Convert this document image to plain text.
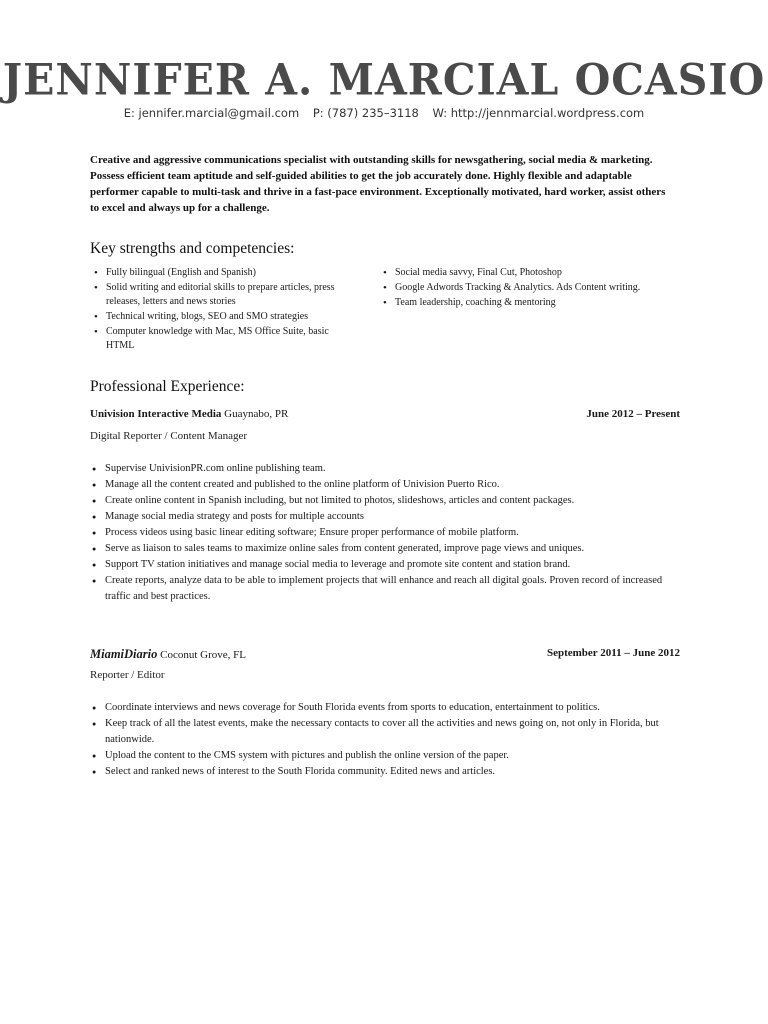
JENNIFER A. MARCIAL OCASIO
E: jennifer.marcial@gmail.com P: (787) 235–3118 W: http://jennmarcial.wordpress.com
Creative and aggressive communications specialist with outstanding skills for newsgathering, social media & marketing. Possess efficient team aptitude and self-guided abilities to get the job accurately done. Highly flexible and adaptable performer capable to multi-task and thrive in a fast-pace environment. Exceptionally motivated, hard worker, assist others to excel and always up for a challenge.
Key strengths and competencies:
• Fully bilingual (English and Spanish)
• Solid writing and editorial skills to prepare articles, press releases, letters and news stories
• Technical writing, blogs, SEO and SMO strategies
• Computer knowledge with Mac, MS Office Suite, basic HTML
• Social media savvy, Final Cut, Photoshop
• Google Adwords Tracking & Analytics. Ads Content writing.
• Team leadership, coaching & mentoring
Professional Experience:
Univision Interactive Media Guaynabo, PR	June 2012 – Present
Digital Reporter / Content Manager
● Supervise UnivisionPR.com online publishing team.
● Manage all the content created and published to the online platform of Univision Puerto Rico.
● Create online content in Spanish including, but not limited to photos, slideshows, articles and content packages.
● Manage social media strategy and posts for multiple accounts
● Process videos using basic linear editing software; Ensure proper performance of mobile platform.
● Serve as liaison to sales teams to maximize online sales from content generated, improve page views and uniques.
● Support TV station initiatives and manage social media to leverage and promote site content and station brand.
● Create reports, analyze data to be able to implement projects that will enhance and reach all digital goals. Proven record of increased traffic and best practices.
MiamiDiario Coconut Grove, FL	September 2011 – June 2012
Reporter / Editor
● Coordinate interviews and news coverage for South Florida events from sports to education, entertainment to politics.
● Keep track of all the latest events, make the necessary contacts to cover all the activities and news going on, not only in Florida, but nationwide.
● Upload the content to the CMS system with pictures and publish the online version of the paper.
● Select and ranked news of interest to the South Florida community. Edited news and articles.
